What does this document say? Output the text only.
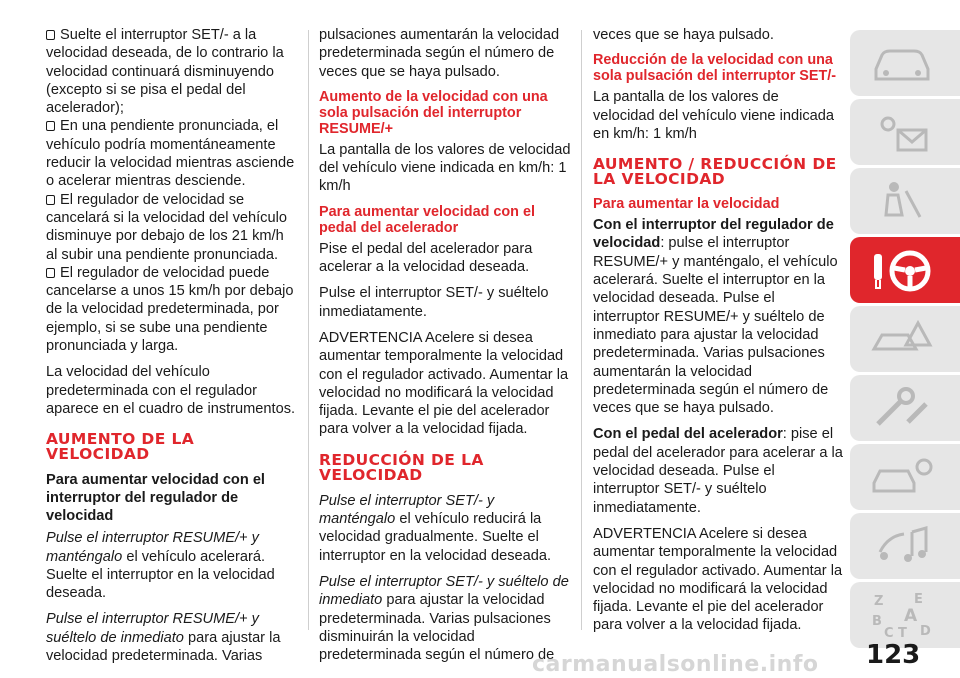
Suelte el interruptor SET/- a la velocidad deseada, de lo contrario la velocidad continuará disminuyendo (excepto si se pisa el pedal del acelerador);

En una pendiente pronunciada, el vehículo podría momentáneamente reducir la velocidad mientras asciende o acelerar mientras desciende.

El regulador de velocidad se cancelará si la velocidad del vehículo disminuye por debajo de los 21 km/h al subir una pendiente pronunciada.

El regulador de velocidad puede cancelarse a unos 15 km/h por debajo de la velocidad predeterminada, por ejemplo, si se sube una pendiente pronunciada y larga.

La velocidad del vehículo predeterminada con el regulador aparece en el cuadro de instrumentos.

AUMENTO DE LA VELOCIDAD
Para aumentar velocidad con el interruptor del regulador de velocidad

Pulse el interruptor RESUME/+ y manténgalo el vehículo acelerará. Suelte el interruptor en la velocidad deseada.

Pulse el interruptor RESUME/+ y suéltelo de inmediato para ajustar la velocidad predeterminada. Varias

pulsaciones aumentarán la velocidad predeterminada según el número de veces que se haya pulsado.

Aumento de la velocidad con una sola pulsación del interruptor RESUME/+

La pantalla de los valores de velocidad del vehículo viene indicada en km/h: 1 km/h

Para aumentar velocidad con el pedal del acelerador

Pise el pedal del acelerador para acelerar a la velocidad deseada.

Pulse el interruptor SET/- y suéltelo inmediatamente.

ADVERTENCIA Acelere si desea aumentar temporalmente la velocidad con el regulador activado. Aumentar la velocidad no modificará la velocidad fijada. Levante el pie del acelerador para volver a la velocidad fijada.

REDUCCIÓN DE LA VELOCIDAD

Pulse el interruptor SET/- y manténgalo el vehículo reducirá la velocidad gradualmente. Suelte el interruptor en la velocidad deseada.

Pulse el interruptor SET/- y suéltelo de inmediato para ajustar la velocidad predeterminada. Varias pulsaciones disminuirán la velocidad predeterminada según el número de

veces que se haya pulsado.

Reducción de la velocidad con una sola pulsación del interruptor SET/-

La pantalla de los valores de velocidad del vehículo viene indicada en km/h: 1 km/h

AUMENTO / REDUCCIÓN DE LA VELOCIDAD
Para aumentar la velocidad

Con el interruptor del regulador de velocidad: pulse el interruptor RESUME/+ y manténgalo, el vehículo acelerará. Suelte el interruptor en la velocidad deseada. Pulse el interruptor RESUME/+ y suéltelo de inmediato para ajustar la velocidad predeterminada. Varias pulsaciones aumentarán la velocidad predeterminada según el número de veces que se haya pulsado.

Con el pedal del acelerador: pise el pedal del acelerador para acelerar a la velocidad deseada. Pulse el interruptor SET/- y suéltelo inmediatamente.

ADVERTENCIA Acelere si desea aumentar temporalmente la velocidad con el regulador activado. Aumentar la velocidad no modificará la velocidad fijada. Levante el pie del acelerador para volver a la velocidad fijada.

Z E
B A
C T D
123
carmanualsonline.info
